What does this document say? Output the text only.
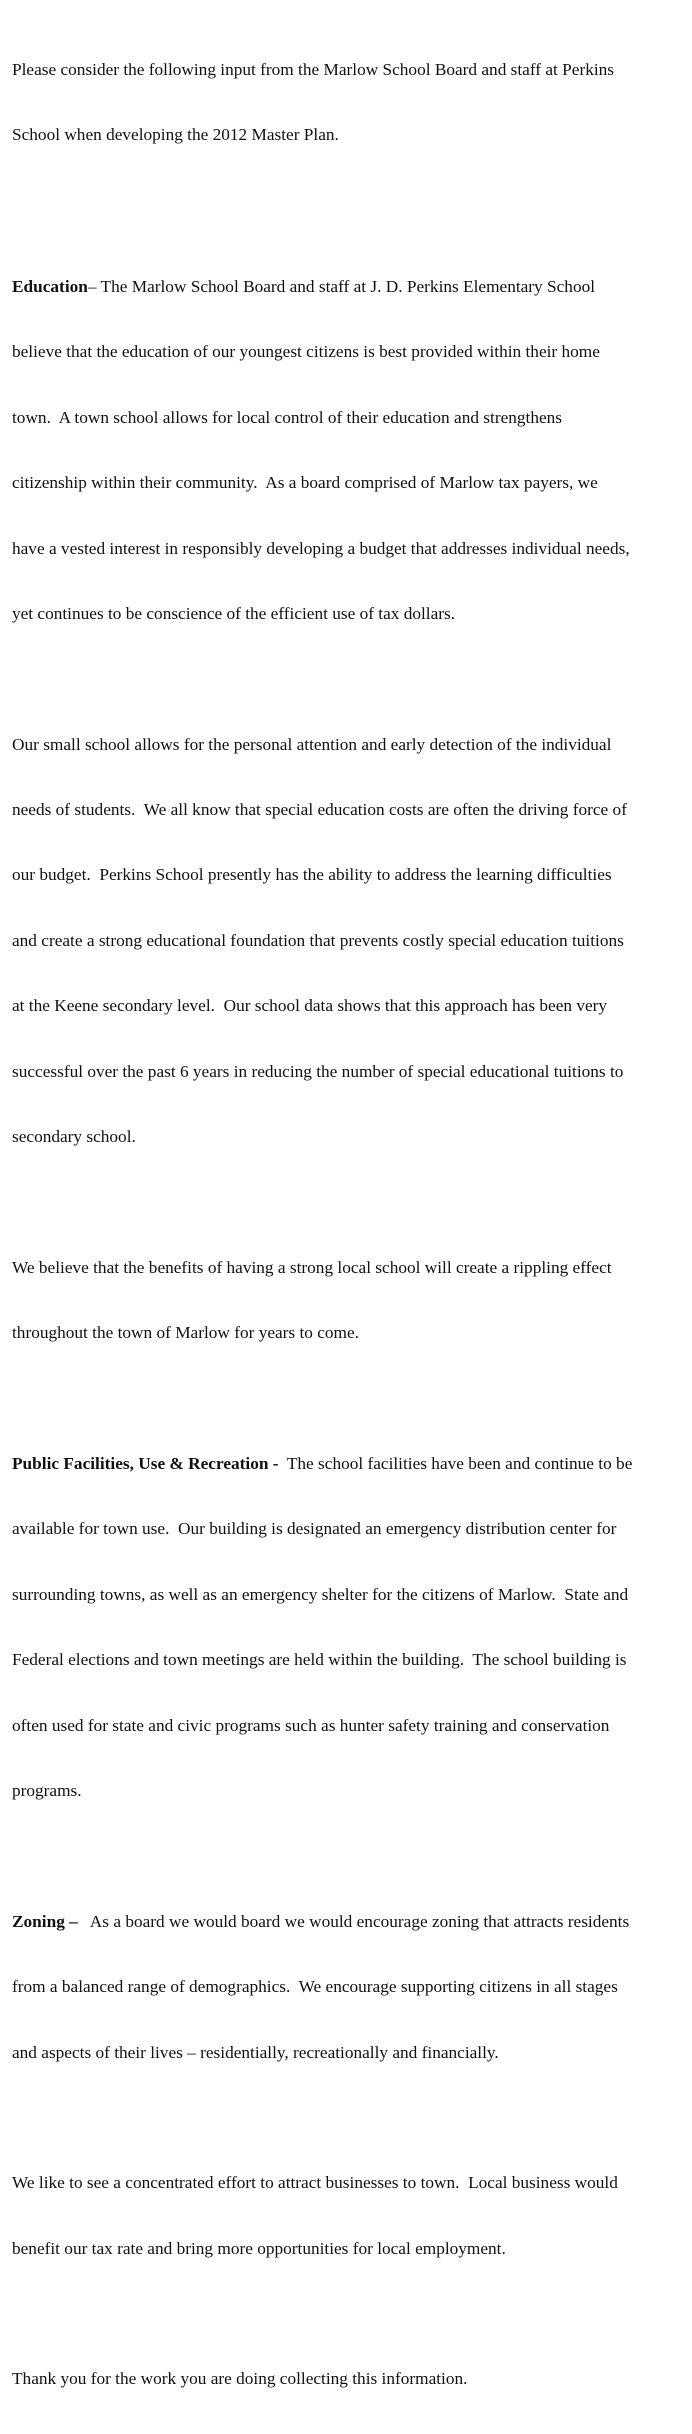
Please consider the following input from the Marlow School Board and staff at Perkins

School when developing the 2012 Master Plan.

Education– The Marlow School Board and staff at J. D. Perkins Elementary School

believe that the education of our youngest citizens is best provided within their home

town.  A town school allows for local control of their education and strengthens

citizenship within their community.  As a board comprised of Marlow tax payers, we

have a vested interest in responsibly developing a budget that addresses individual needs,

yet continues to be conscience of the efficient use of tax dollars.

Our small school allows for the personal attention and early detection of the individual

needs of students.  We all know that special education costs are often the driving force of

our budget.  Perkins School presently has the ability to address the learning difficulties

and create a strong educational foundation that prevents costly special education tuitions

at the Keene secondary level.  Our school data shows that this approach has been very

successful over the past 6 years in reducing the number of special educational tuitions to

secondary school.

We believe that the benefits of having a strong local school will create a rippling effect

throughout the town of Marlow for years to come.

Public Facilities, Use & Recreation -  The school facilities have been and continue to be

available for town use.  Our building is designated an emergency distribution center for

surrounding towns, as well as an emergency shelter for the citizens of Marlow.  State and

Federal elections and town meetings are held within the building.  The school building is

often used for state and civic programs such as hunter safety training and conservation

programs.

Zoning –   As a board we would board we would encourage zoning that attracts residents

from a balanced range of demographics.  We encourage supporting citizens in all stages

and aspects of their lives – residentially, recreationally and financially.

We like to see a concentrated effort to attract businesses to town.  Local business would

benefit our tax rate and bring more opportunities for local employment.

Thank you for the work you are doing collecting this information.
